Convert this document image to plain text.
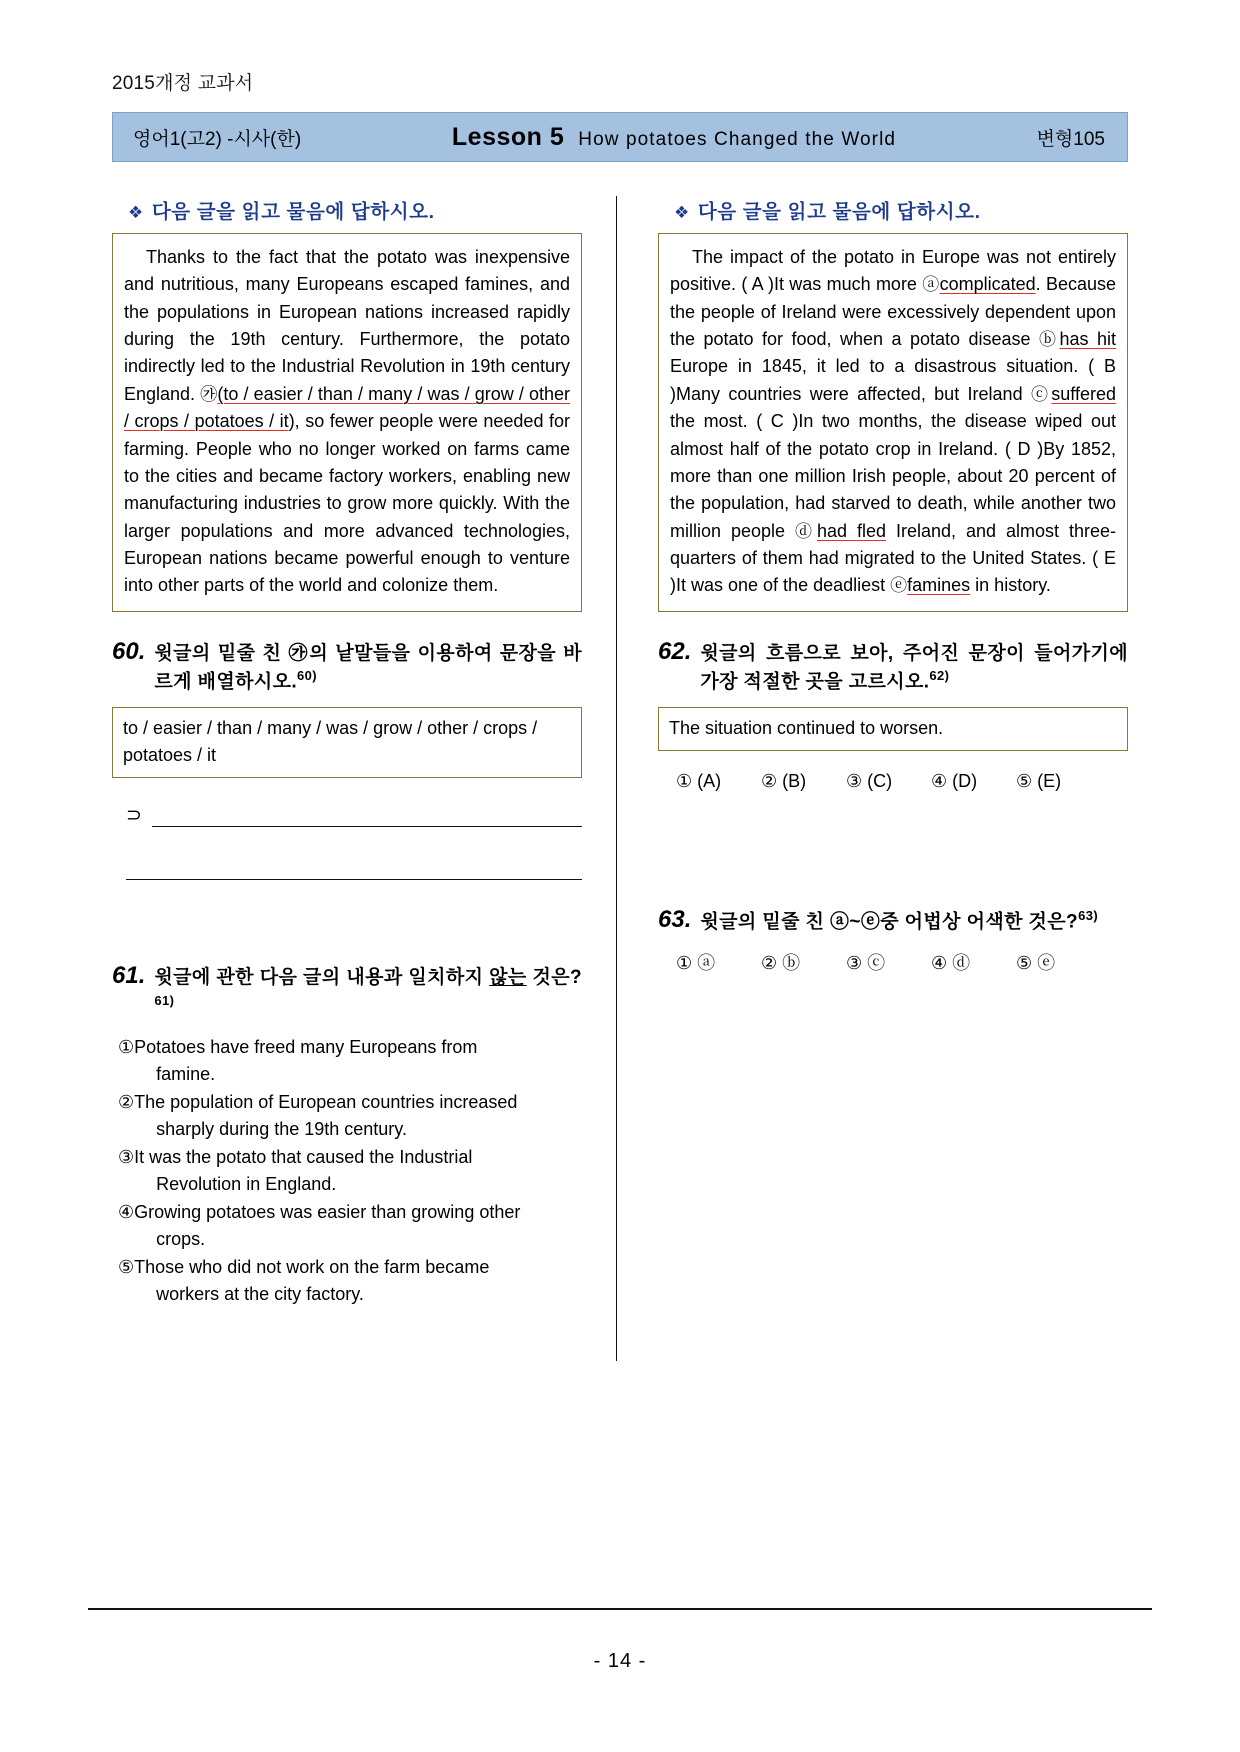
2015개정 교과서
영어1(고2) -시사(한)	Lesson 5 How potatoes Changed the World	변형105
❖ 다음 글을 읽고 물음에 답하시오.

Thanks to the fact that the potato was inexpensive and nutritious, many Europeans escaped famines, and the populations in European nations increased rapidly during the 19th century. Furthermore, the potato indirectly led to the Industrial Revolution in 19th century England. ㉮(to / easier / than / many / was / grow / other / crops / potatoes / it), so fewer people were needed for farming. People who no longer worked on farms came to the cities and became factory workers, enabling new manufacturing industries to grow more quickly. With the larger populations and more advanced technologies, European nations became powerful enough to venture into other parts of the world and colonize them.

60. 윗글의 밑줄 친 ㉮의 낱말들을 이용하여 문장을 바르게 배열하시오.$^{60)}$
to / easier / than / many / was / grow / other / crops / potatoes / it
⊃
61. 윗글에 관한 다음 글의 내용과 일치하지 않는 것은?$^{61)}$
① Potatoes have freed many Europeans from
famine.
② The population of European countries increased
sharply during the 19th century.
③ It was the potato that caused the Industrial
Revolution in England.
④ Growing potatoes was easier than growing other
crops.
⑤ Those who did not work on the farm became
workers at the city factory.
❖ 다음 글을 읽고 물음에 답하시오.

The impact of the potato in Europe was not entirely positive. ( A )It was much more ⓐcomplicated. Because the people of Ireland were excessively dependent upon the potato for food, when a potato disease ⓑhas hit Europe in 1845, it led to a disastrous situation. ( B )Many countries were affected, but Ireland ⓒsuffered the most. ( C )In two months, the disease wiped out almost half of the potato crop in Ireland. ( D )By 1852, more than one million Irish people, about 20 percent of the population, had starved to death, while another two million people ⓓhad fled Ireland, and almost three-quarters of them had migrated to the United States. ( E )It was one of the deadliest ⓔfamines in history.

62. 윗글의 흐름으로 보아, 주어진 문장이 들어가기에 가장 적절한 곳을 고르시오.$^{62)}$
The situation continued to worsen.
① (A)	② (B)	③ (C)	④ (D)	⑤ (E)
63. 윗글의 밑줄 친 ⓐ~ⓔ중 어법상 어색한 것은?$^{63)}$
① ⓐ	② ⓑ	③ ⓒ	④ ⓓ	⑤ ⓔ
- 14 -
